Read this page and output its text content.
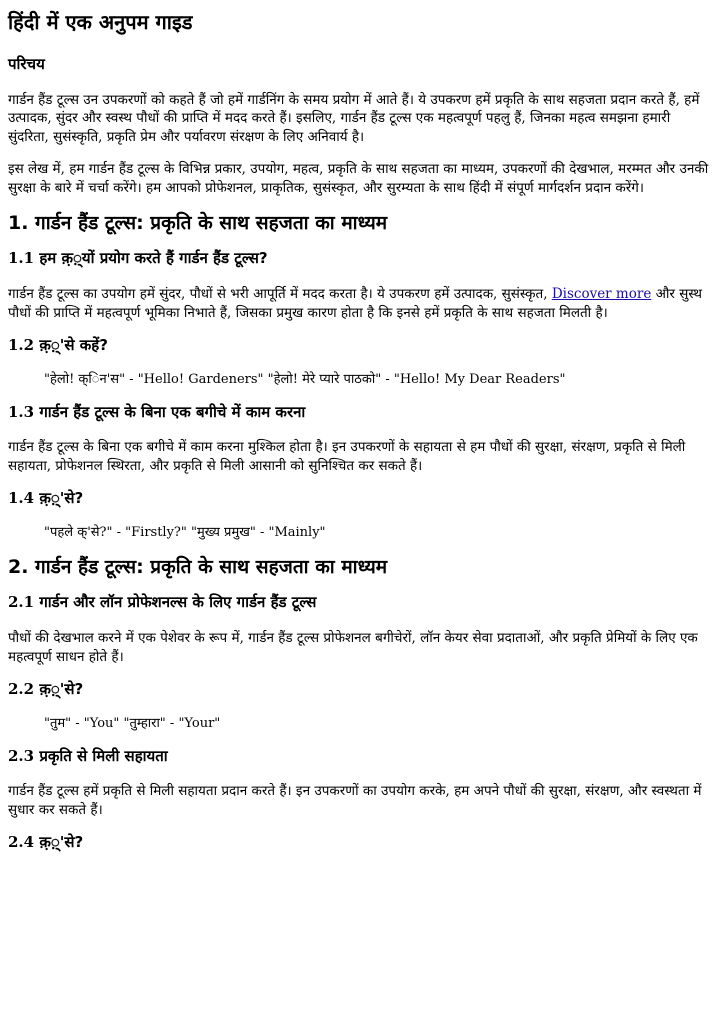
हिंदी में एक अनुपम गाइड
परिचय

गार्डन हैंड टूल्स उन उपकरणों को कहते हैं जो हमें गार्डनिंग के समय प्रयोग में आते हैं। ये उपकरण हमें प्रकृति के साथ सहजता प्रदान करते हैं, हमें उत्पादक, सुंदर और स्वस्थ पौधों की प्राप्ति में मदद करते हैं। इसलिए, गार्डन हैंड टूल्स एक महत्वपूर्ण पहलु हैं, जिनका महत्व समझना हमारी सुंदरिता, सुसंस्कृति, प्रकृति प्रेम और पर्यावरण संरक्षण के लिए अनिवार्य है।

इस लेख में, हम गार्डन हैंड टूल्स के विभिन्न प्रकार, उपयोग, महत्व, प्रकृति के साथ सहजता का माध्यम, उपकरणों की देखभाल, मरम्मत और उनकी सुरक्षा के बारे में चर्चा करेंगे। हम आपको प्रोफेशनल, प्राकृतिक, सुसंस्कृत, और सुरम्यता के साथ हिंदी में संपूर्ण मार्गदर्शन प्रदान करेंगे।

1. गार्डन हैंड टूल्स: प्रकृति के साथ सहजता का माध्यम
1.1 हम क़़़़्यों प्रयोग करते हैं गार्डन हैंड टूल्स?

गार्डन हैंड टूल्स का उपयोग हमें सुंदर, पौधों से भरी आपूर्ति में मदद करता है। ये उपकरण हमें उत्पादक, सुसंस्कृत, Discover more और सुस्थ पौधों की प्राप्ति में महत्वपूर्ण भूमिका निभाते हैं, जिसका प्रमुख कारण होता है कि इनसे हमें प्रकृति के साथ सहजता मिलती है।

1.2 क़़़़्'से कहें?
"हेलो! क्िन'स" - "Hello! Gardeners" "हेलो! मेरे प्यारे पाठको" - "Hello! My Dear Readers"
1.3 गार्डन हैंड टूल्स के बिना एक बगीचे में काम करना

गार्डन हैंड टूल्स के बिना एक बगीचे में काम करना मुश्किल होता है। इन उपकरणों के सहायता से हम पौधों की सुरक्षा, संरक्षण, प्रकृति से मिली सहायता, प्रोफेशनल स्थिरता, और प्रकृति से मिली आसानी को सुनिश्चित कर सकते हैं।

1.4 क़़़़्'से?
"पहले क्'से?" - "Firstly?" "मुख्य प्रमुख" - "Mainly"
2. गार्डन हैंड टूल्स: प्रकृति के साथ सहजता का माध्यम
2.1 गार्डन और लॉन प्रोफेशनल्स के लिए गार्डन हैंड टूल्स

पौधों की देखभाल करने में एक पेशेवर के रूप में, गार्डन हैंड टूल्स प्रोफेशनल बगीचेरों, लॉन केयर सेवा प्रदाताओं, और प्रकृति प्रेमियों के लिए एक महत्वपूर्ण साधन होते हैं।

2.2 क़़़़्'से?
"तुम" - "You" "तुम्हारा" - "Your"
2.3 प्रकृति से मिली सहायता

गार्डन हैंड टूल्स हमें प्रकृति से मिली सहायता प्रदान करते हैं। इन उपकरणों का उपयोग करके, हम अपने पौधों की सुरक्षा, संरक्षण, और स्वस्थता में सुधार कर सकते हैं।

2.4 क़़़़्'से?
